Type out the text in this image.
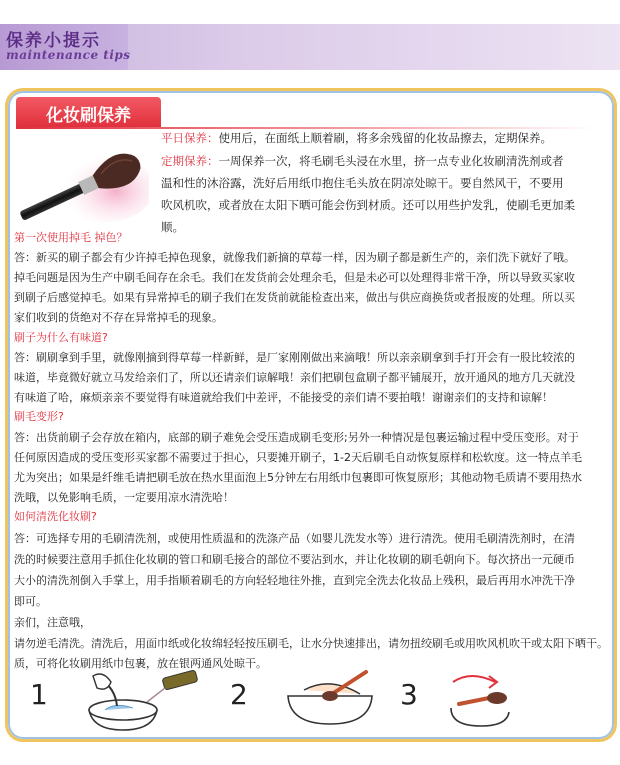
保养小提示
maintenance tips
化妆刷保养
平日保养：使用后，在面纸上顺着刷，将多余残留的化妆品擦去，定期保养。
定期保养：一周保养一次，将毛刷毛头浸在水里，挤一点专业化妆刷清洗剂或者
温和性的沐浴露，洗好后用纸巾抱住毛头放在阴凉处晾干。要自然风干，不要用
吹风机吹，或者放在太阳下晒可能会伤到材质。还可以用些护发乳，使刷毛更加柔
顺。
第一次使用掉毛 掉色？
答：新买的刷子都会有少许掉毛掉色现象，就像我们新摘的草莓一样，因为刷子都是新生产的，亲们洗下就好了哦。
掉毛问题是因为生产中刷毛间存在余毛。我们在发货前会处理余毛，但是未必可以处理得非常干净，所以导致买家收
到刷子后感觉掉毛。如果有异常掉毛的刷子我们在发货前就能检查出来，做出与供应商换货或者报废的处理。所以买
家们收到的货绝对不存在异常掉毛的现象。
刷子为什么有味道?
答：刷刷拿到手里，就像刚摘到得草莓一样新鲜，是厂家刚刚做出来滴哦！所以亲亲刷拿到手打开会有一股比较浓的
味道，毕竟微好就立马发给亲们了，所以还请亲们谅解哦！亲们把刷包盒刷子都平铺展开，放开通风的地方几天就没
有味道了哈，麻烦亲亲不要觉得有味道就给我们中差评，不能接受的亲们请不要拍哦！谢谢亲们的支持和谅解！
刷毛变形?
答：出货前刷子会存放在箱内，底部的刷子难免会受压造成刷毛变形;另外一种情况是包裹运输过程中受压变形。对于
任何原因造成的受压变形买家都不需要过于担心，只要摊开刷子，1-2天后刷毛自动恢复原样和松软度。这一特点羊毛
尤为突出；如果是纤维毛请把刷毛放在热水里面泡上5分钟左右用纸巾包裹即可恢复原形；其他动物毛质请不要用热水
洗哦，以免影响毛质，一定要用凉水清洗哈！
如何清洗化妆刷?
答：可选择专用的毛刷清洗剂，或使用性质温和的洗涤产品（如婴儿洗发水等）进行清洗。使用毛刷清洗剂时，在清
洗的时候要注意用手抓住化妆刷的管口和刷毛接合的部位不要沾到水，并让化妆刷的刷毛朝向下。每次挤出一元硬币
大小的清洗剂倒入手掌上，用手指顺着刷毛的方向轻轻地往外推，直到完全洗去化妆品上残积，最后再用水冲洗干净
即可。
亲们，注意哦，
请勿逆毛清洗。清洗后，用面巾纸或化妆绵轻轻按压刷毛，让水分快速排出，请勿扭绞刷毛或用吹风机吹干或太阳下晒干。
质，可将化妆刷用纸巾包裹，放在银两通风处晾干。
1	2	3
